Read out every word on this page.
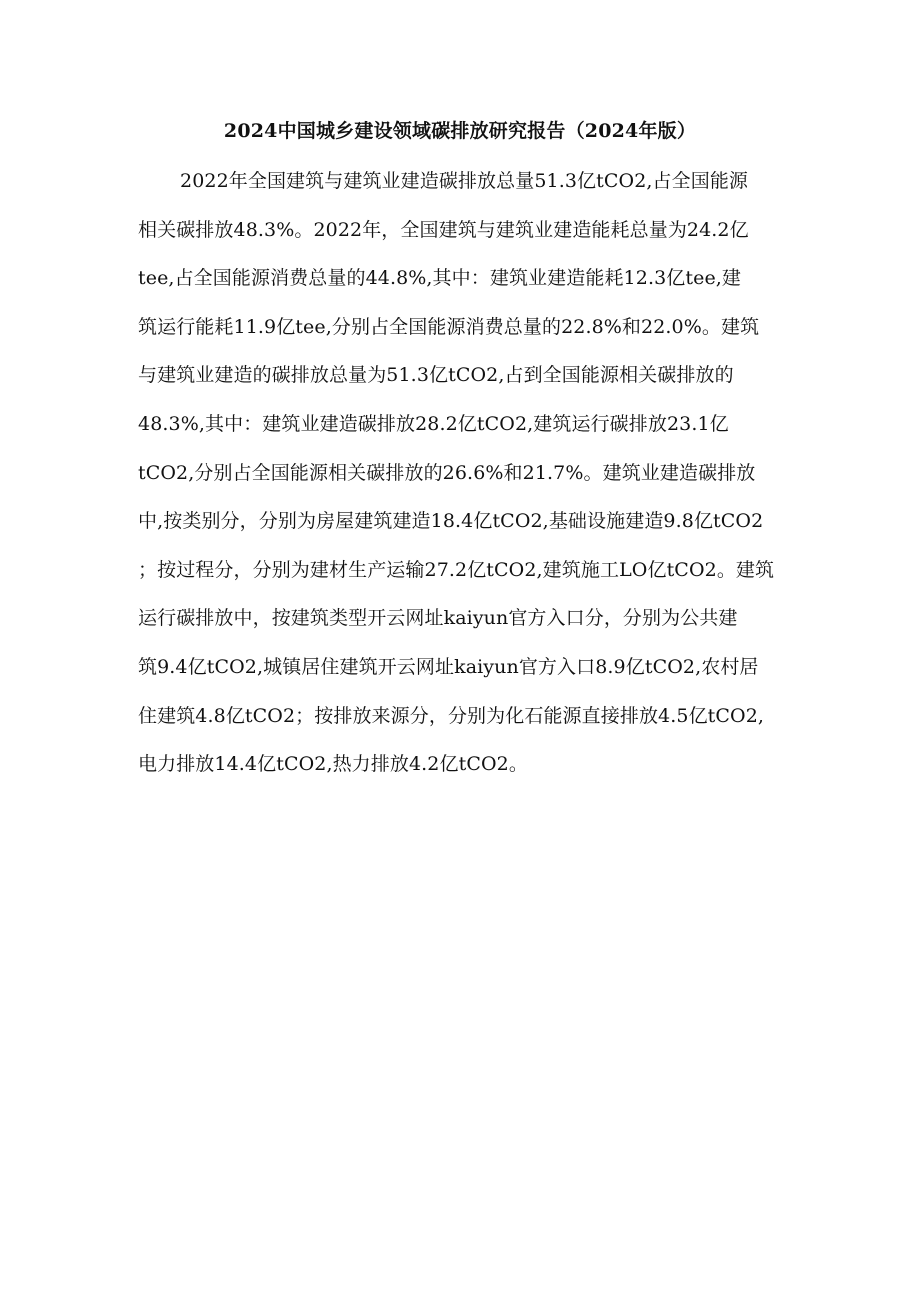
2024中国城乡建设领域碳排放研究报告（2024年版）
2022年全国建筑与建筑业建造碳排放总量51.3亿tCO2,占全国能源
相关碳排放48.3%。2022年，全国建筑与建筑业建造能耗总量为24.2亿
tee,占全国能源消费总量的44.8%,其中：建筑业建造能耗12.3亿tee,建
筑运行能耗11.9亿tee,分别占全国能源消费总量的22.8%和22.0%。建筑
与建筑业建造的碳排放总量为51.3亿tCO2,占到全国能源相关碳排放的
48.3%,其中：建筑业建造碳排放28.2亿tCO2,建筑运行碳排放23.1亿
tCO2,分别占全国能源相关碳排放的26.6%和21.7%。建筑业建造碳排放
中,按类别分，分别为房屋建筑建造18.4亿tCO2,基础设施建造9.8亿tCO2
；按过程分，分别为建材生产运输27.2亿tCO2,建筑施工LO亿tCO2。建筑
运行碳排放中，按建筑类型开云网址kaiyun官方入口分，分别为公共建
筑9.4亿tCO2,城镇居住建筑开云网址kaiyun官方入口8.9亿tCO2,农村居
住建筑4.8亿tCO2；按排放来源分，分别为化石能源直接排放4.5亿tCO2,
电力排放14.4亿tCO2,热力排放4.2亿tCO2。
